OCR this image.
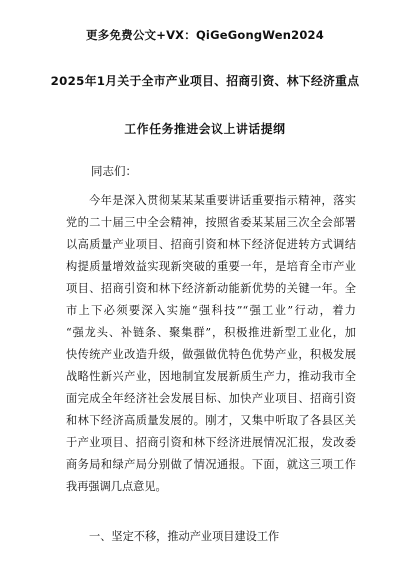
更多免费公文+VX：QiGeGongWen2024
2025年1月关于全市产业项目、招商引资、林下经济重点
工作任务推进会议上讲话提纲
同志们：
今年是深入贯彻某某某重要讲话重要指示精神，落实
党的二十届三中全会精神，按照省委某某届三次全会部署
以高质量产业项目、招商引资和林下经济促进转方式调结
构提质量增效益实现新突破的重要一年，是培育全市产业
项目、招商引资和林下经济新动能新优势的关键一年。全
市上下必须要深入实施“强科技”“强工业”行动，着力
“强龙头、补链条、聚集群”，积极推进新型工业化，加
快传统产业改造升级，做强做优特色优势产业，积极发展
战略性新兴产业，因地制宜发展新质生产力，推动我市全
面完成全年经济社会发展目标、加快产业项目、招商引资
和林下经济高质量发展的。刚才，又集中听取了各县区关
于产业项目、招商引资和林下经济进展情况汇报，发改委
商务局和绿产局分别做了情况通报。下面，就这三项工作
我再强调几点意见。
一、坚定不移，推动产业项目建设工作
